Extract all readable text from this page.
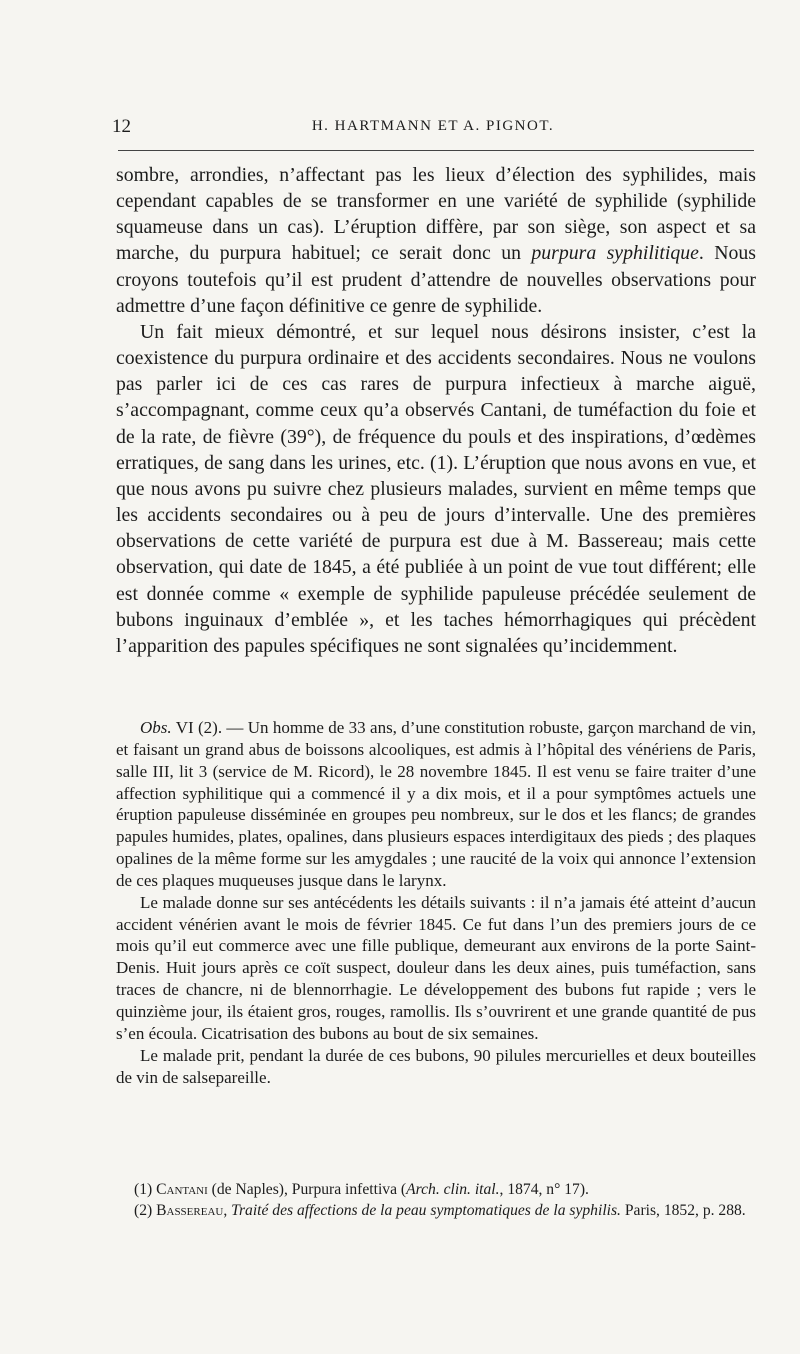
12	H. HARTMANN ET A. PIGNOT.

sombre, arrondies, n’affectant pas les lieux d’élection des syphilides, mais cependant capables de se transformer en une variété de syphilide (syphilide squameuse dans un cas). L’éruption diffère, par son siège, son aspect et sa marche, du purpura habituel; ce serait donc un purpura syphilitique. Nous croyons toutefois qu’il est prudent d’attendre de nouvelles observations pour admettre d’une façon définitive ce genre de syphilide.

Un fait mieux démontré, et sur lequel nous désirons insister, c’est la coexistence du purpura ordinaire et des accidents secondaires. Nous ne voulons pas parler ici de ces cas rares de purpura infectieux à marche aiguë, s’accompagnant, comme ceux qu’a observés Cantani, de tuméfaction du foie et de la rate, de fièvre (39°), de fréquence du pouls et des inspirations, d’œdèmes erratiques, de sang dans les urines, etc. (1). L’éruption que nous avons en vue, et que nous avons pu suivre chez plusieurs malades, survient en même temps que les accidents secondaires ou à peu de jours d’intervalle. Une des premières observations de cette variété de purpura est due à M. Bassereau; mais cette observation, qui date de 1845, a été publiée à un point de vue tout différent; elle est donnée comme « exemple de syphilide papuleuse précédée seulement de bubons inguinaux d’emblée », et les taches hémorrhagiques qui précèdent l’apparition des papules spécifiques ne sont signalées qu’incidemment.

Obs. VI (2). — Un homme de 33 ans, d’une constitution robuste, garçon marchand de vin, et faisant un grand abus de boissons alcooliques, est admis à l’hôpital des vénériens de Paris, salle III, lit 3 (service de M. Ricord), le 28 novembre 1845. Il est venu se faire traiter d’une affection syphilitique qui a commencé il y a dix mois, et il a pour symptômes actuels une éruption papuleuse disséminée en groupes peu nombreux, sur le dos et les flancs; de grandes papules humides, plates, opalines, dans plusieurs espaces interdigitaux des pieds ; des plaques opalines de la même forme sur les amygdales ; une raucité de la voix qui annonce l’extension de ces plaques muqueuses jusque dans le larynx.

Le malade donne sur ses antécédents les détails suivants : il n’a jamais été atteint d’aucun accident vénérien avant le mois de février 1845. Ce fut dans l’un des premiers jours de ce mois qu’il eut commerce avec une fille publique, demeurant aux environs de la porte Saint-Denis. Huit jours après ce coït suspect, douleur dans les deux aines, puis tuméfaction, sans traces de chancre, ni de blennorrhagie. Le développement des bubons fut rapide ; vers le quinzième jour, ils étaient gros, rouges, ramollis. Ils s’ouvrirent et une grande quantité de pus s’en écoula. Cicatrisation des bubons au bout de six semaines.

Le malade prit, pendant la durée de ces bubons, 90 pilules mercurielles et deux bouteilles de vin de salsepareille.

(1) Cantani (de Naples), Purpura infettiva (Arch. clin. ital., 1874, n° 17).

(2) Bassereau, Traité des affections de la peau symptomatiques de la syphilis. Paris, 1852, p. 288.
